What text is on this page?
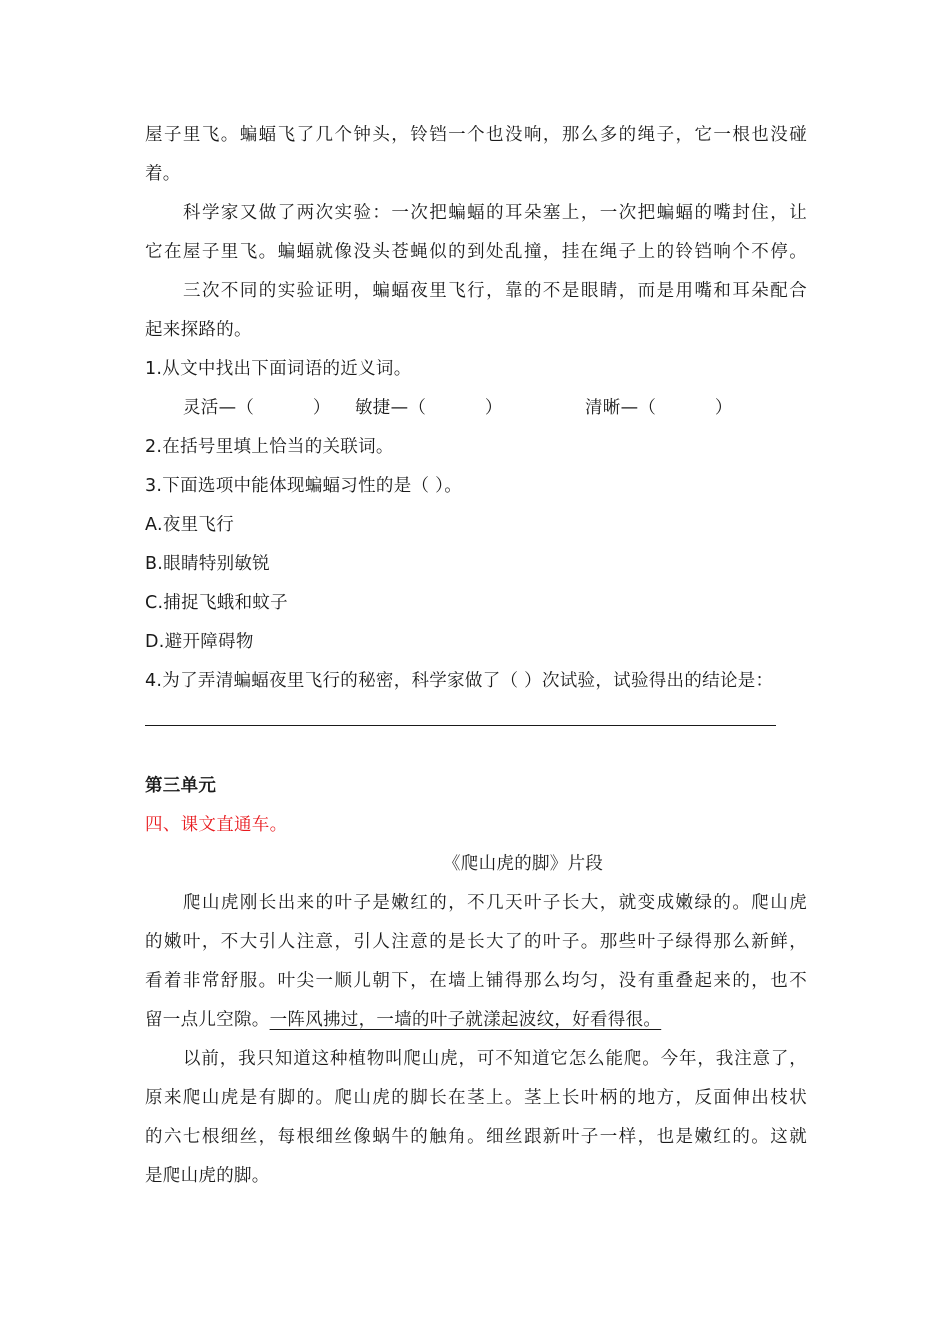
屋子里飞。蝙蝠飞了几个钟头，铃铛一个也没响，那么多的绳子，它一根也没碰
着。
科学家又做了两次实验：一次把蝙蝠的耳朵塞上，一次把蝙蝠的嘴封住，让
它在屋子里飞。蝙蝠就像没头苍蝇似的到处乱撞，挂在绳子上的铃铛响个不停。
三次不同的实验证明，蝙蝠夜里飞行，靠的不是眼睛，而是用嘴和耳朵配合
起来探路的。
1.从文中找出下面词语的近义词。
灵活—（          ）	敏捷—（          ）	清晰—（          ）
2.在括号里填上恰当的关联词。
3.下面选项中能体现蝙蝠习性的是（ ）。
A.夜里飞行
B.眼睛特别敏锐
C.捕捉飞蛾和蚊子
D.避开障碍物
4.为了弄清蝙蝠夜里飞行的秘密，科学家做了（ ）次试验，试验得出的结论是：
第三单元
四、课文直通车。
《爬山虎的脚》片段
爬山虎刚长出来的叶子是嫩红的，不几天叶子长大，就变成嫩绿的。爬山虎
的嫩叶，不大引人注意，引人注意的是长大了的叶子。那些叶子绿得那么新鲜，
看着非常舒服。叶尖一顺儿朝下，在墙上铺得那么均匀，没有重叠起来的，也不
留一点儿空隙。一阵风拂过，一墙的叶子就漾起波纹，好看得很。
以前，我只知道这种植物叫爬山虎，可不知道它怎么能爬。今年，我注意了，
原来爬山虎是有脚的。爬山虎的脚长在茎上。茎上长叶柄的地方，反面伸出枝状
的六七根细丝，每根细丝像蜗牛的触角。细丝跟新叶子一样，也是嫩红的。这就
是爬山虎的脚。
